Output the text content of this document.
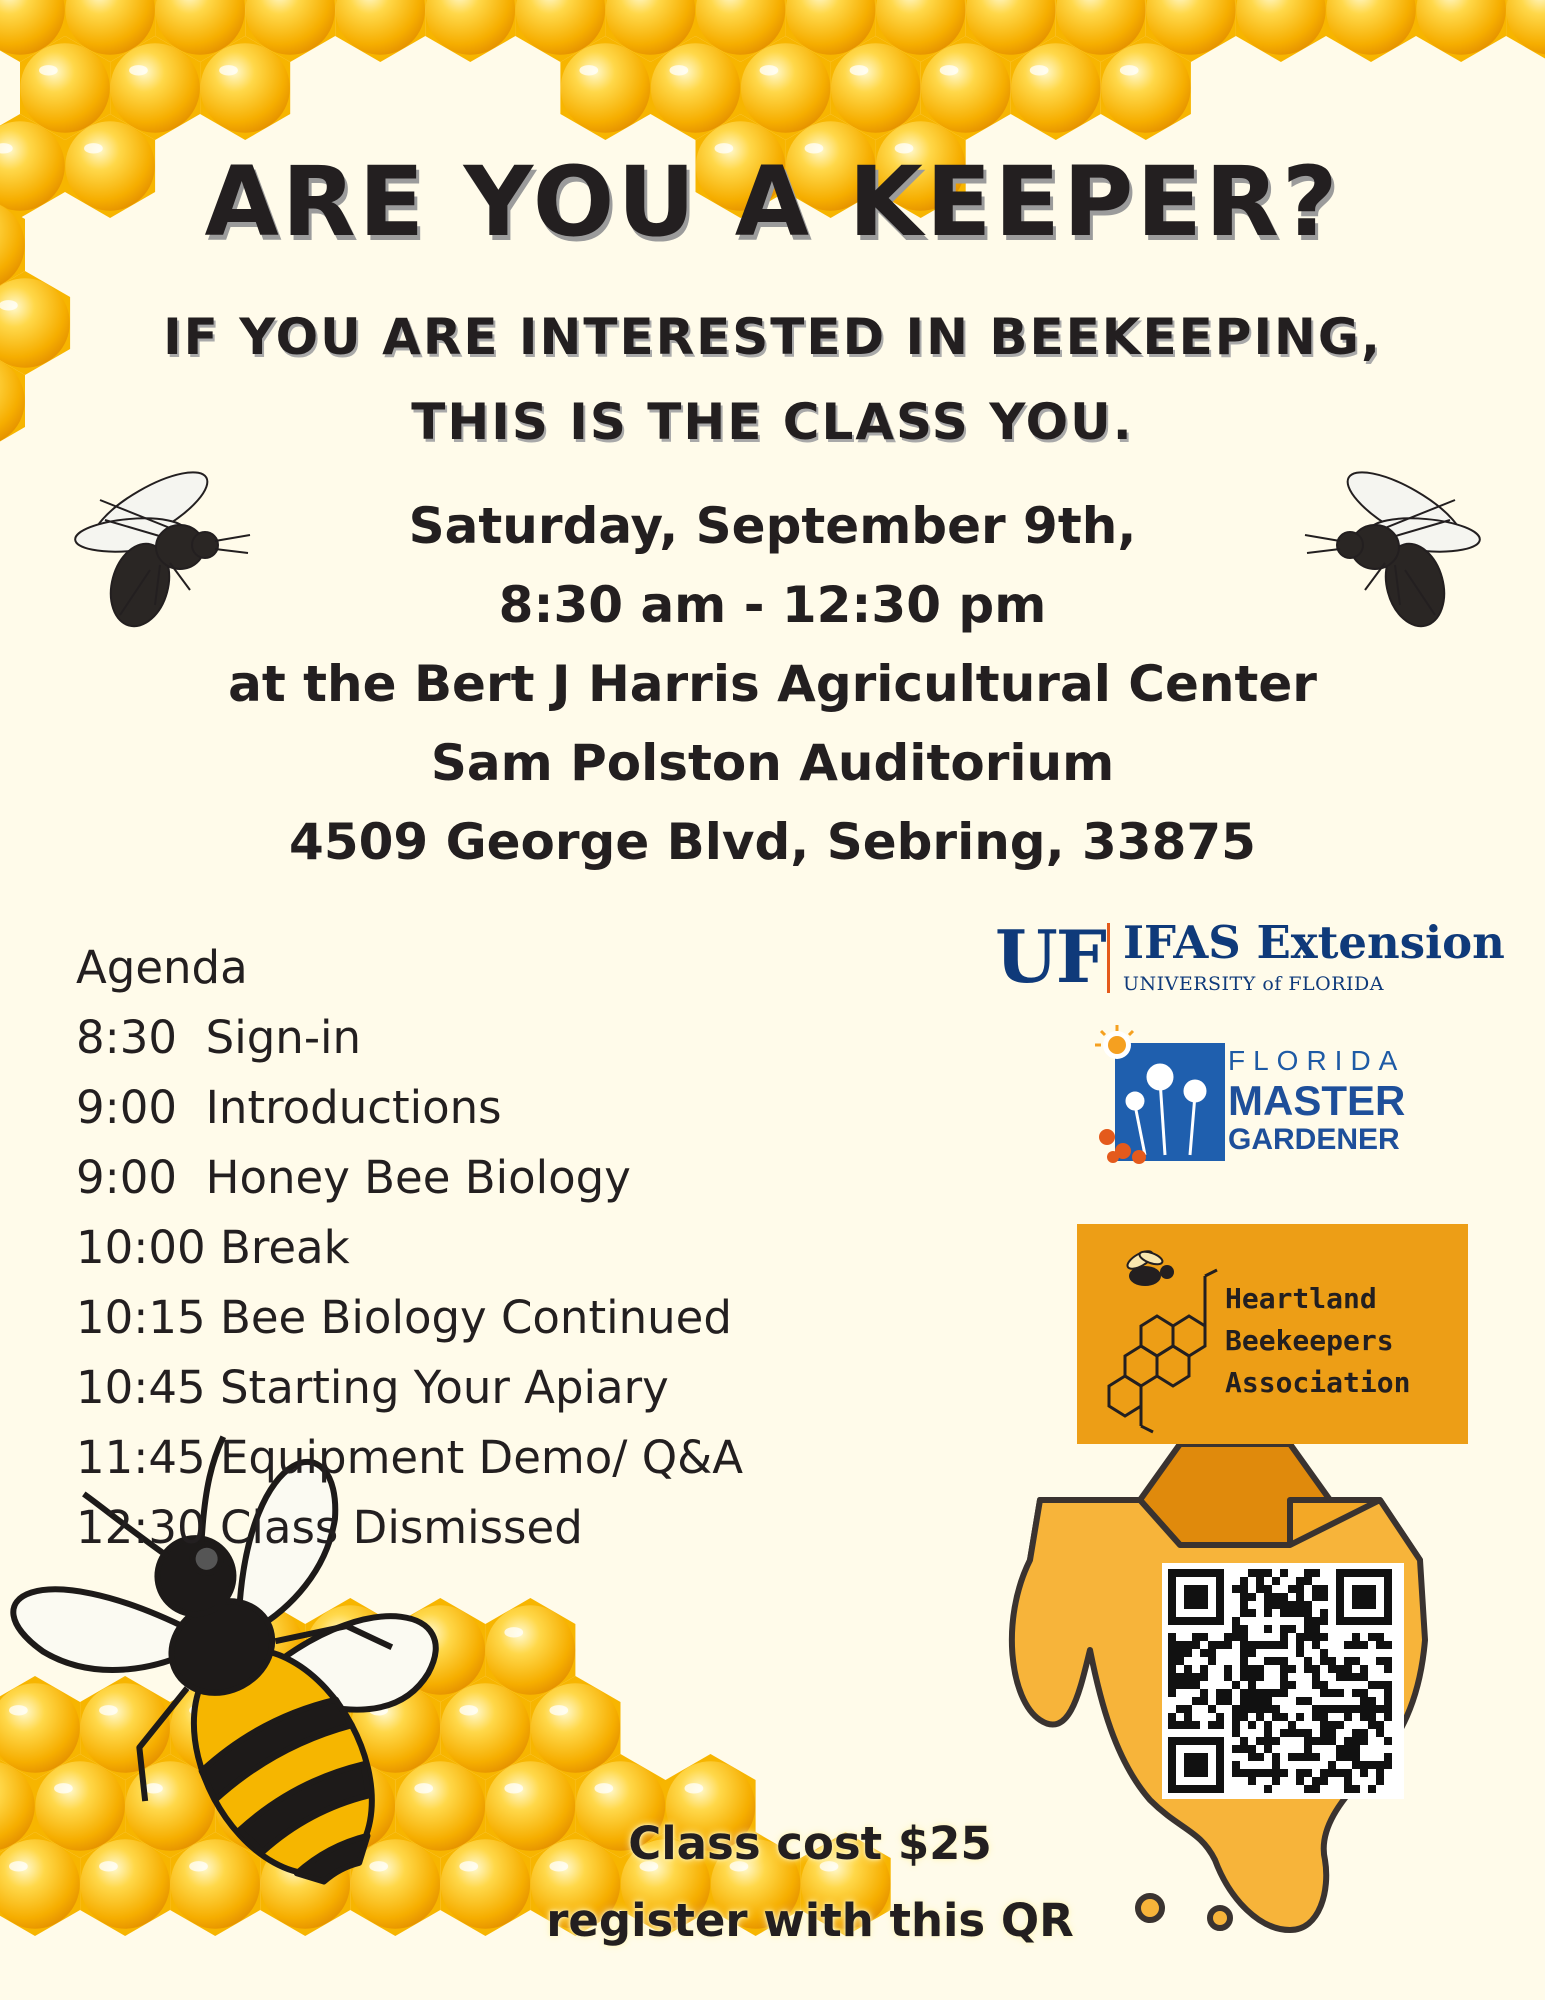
ARE YOU A KEEPER?
IF YOU ARE INTERESTED IN BEEKEEPING,
THIS IS THE CLASS YOU.
Saturday, September 9th,
8:30 am - 12:30 pm
at the Bert J Harris Agricultural Center
Sam Polston Auditorium
4509 George Blvd, Sebring, 33875
Agenda
8:30  Sign-in
9:00  Introductions
9:00  Honey Bee Biology
10:00 Break
10:15 Bee Biology Continued
10:45 Starting Your Apiary
11:45 Equipment Demo/ Q&A
12:30 Class Dismissed
UF IFAS Extension
UNIVERSITY of FLORIDA
FLORIDA
MASTER
GARDENER
Heartland
Beekeepers
Association
Class cost $25
register with this QR
